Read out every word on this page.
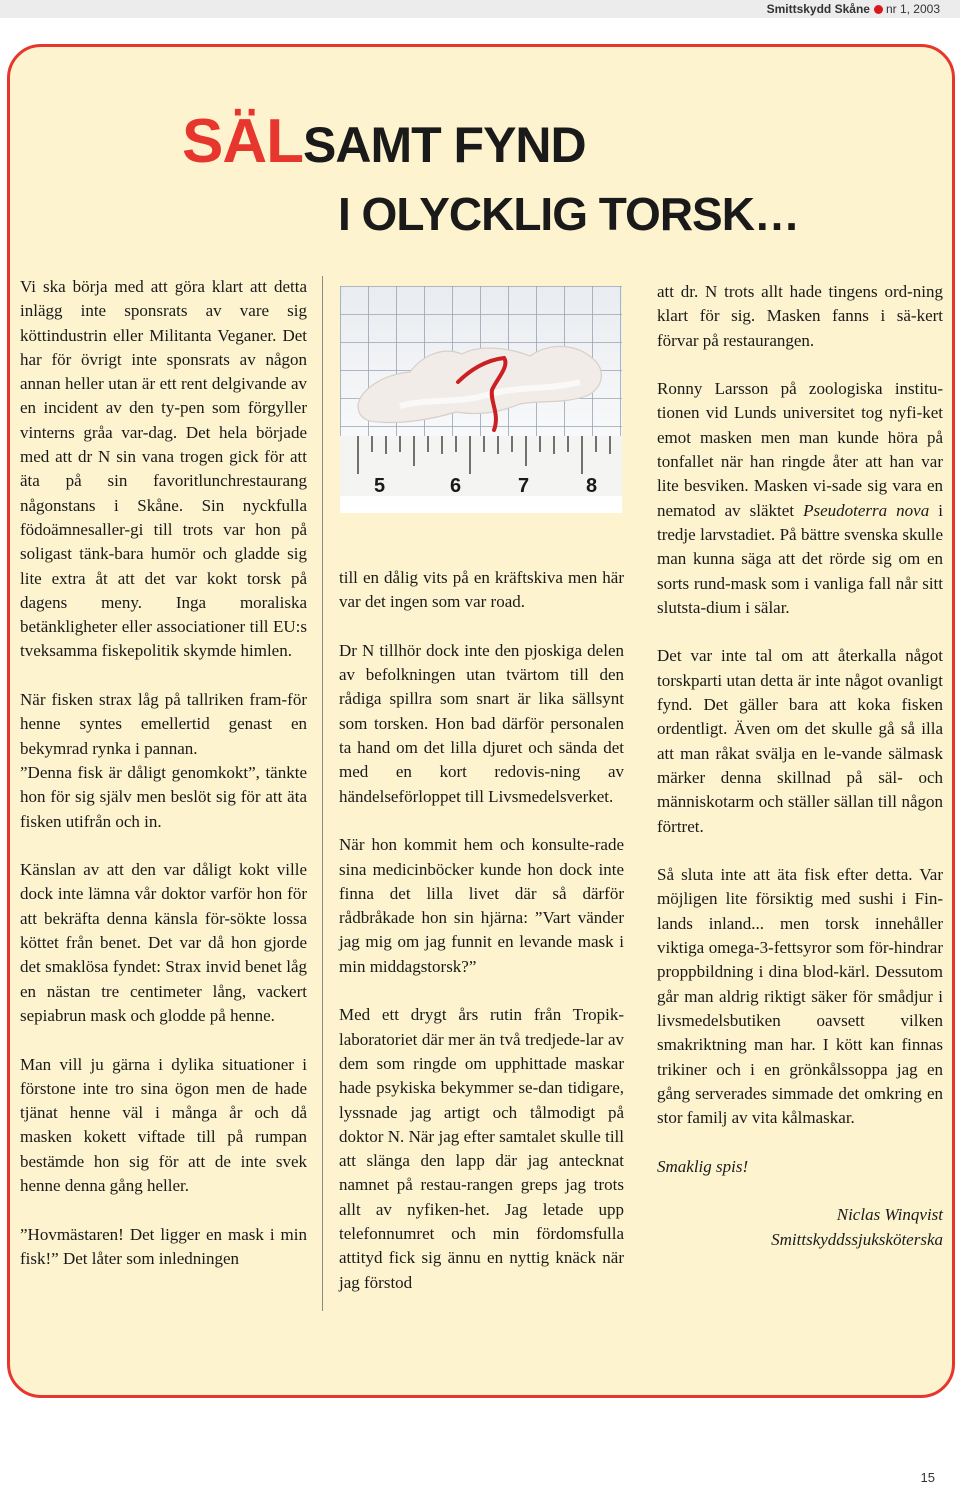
Smittskydd Skåne nr 1, 2003
SÄLSAMT FYND
I OLYCKLIG TORSK…

Vi ska börja med att göra klart att detta inlägg inte sponsrats av vare sig köttindustrin eller Militanta Veganer. Det har för övrigt inte sponsrats av någon annan heller utan är ett rent delgivande av en incident av den ty-pen som förgyller vinterns gråa var-dag. Det hela började med att dr N sin vana trogen gick för att äta på sin favoritlunchrestaurang någonstans i Skåne. Sin nyckfulla födoämnesaller-gi till trots var hon på soligast tänk-bara humör och gladde sig lite extra åt att det var kokt torsk på dagens meny. Inga moraliska betänkligheter eller associationer till EU:s tveksamma fiskepolitik skymde himlen.

När fisken strax låg på tallriken fram-för henne syntes emellertid genast en bekymrad rynka i pannan.

”Denna fisk är dåligt genomkokt”, tänkte hon för sig själv men beslöt sig för att äta fisken utifrån och in.

Känslan av att den var dåligt kokt ville dock inte lämna vår doktor varför hon för att bekräfta denna känsla för-sökte lossa köttet från benet. Det var då hon gjorde det smaklösa fyndet: Strax invid benet låg en nästan tre centimeter lång, vackert sepiabrun mask och glodde på henne.

Man vill ju gärna i dylika situationer i förstone inte tro sina ögon men de hade tjänat henne väl i många år och då masken kokett viftade till på rumpan bestämde hon sig för att de inte svek henne denna gång heller.

”Hovmästaren! Det ligger en mask i min fisk!” Det låter som inledningen

5	6	7	8

till en dålig vits på en kräftskiva men här var det ingen som var road.

Dr N tillhör dock inte den pjoskiga delen av befolkningen utan tvärtom till den rådiga spillra som snart är lika sällsynt som torsken. Hon bad därför personalen ta hand om det lilla djuret och sända det med en kort redovis-ning av händelseförloppet till Livsmedelsverket.

När hon kommit hem och konsulte-rade sina medicinböcker kunde hon dock inte finna det lilla livet där så därför rådbråkade hon sin hjärna: ”Vart vänder jag mig om jag funnit en levande mask i min middagstorsk?”

Med ett drygt års rutin från Tropik-laboratoriet där mer än två tredjede-lar av dem som ringde om upphittade maskar hade psykiska bekymmer se-dan tidigare, lyssnade jag artigt och tålmodigt på doktor N. När jag efter samtalet skulle till att slänga den lapp där jag antecknat namnet på restau-rangen greps jag trots allt av nyfiken-het. Jag letade upp telefonnumret och min fördomsfulla attityd fick sig ännu en nyttig knäck när jag förstod

att dr. N trots allt hade tingens ord-ning klart för sig. Masken fanns i sä-kert förvar på restaurangen.

Ronny Larsson på zoologiska institu-tionen vid Lunds universitet tog nyfi-ket emot masken men man kunde höra på tonfallet när han ringde åter att han var lite besviken. Masken vi-sade sig vara en nematod av släktet Pseudoterra nova i tredje larvstadiet. På bättre svenska skulle man kunna säga att det rörde sig om en sorts rund-mask som i vanliga fall når sitt slutsta-dium i sälar.

Det var inte tal om att återkalla något torskparti utan detta är inte något ovanligt fynd. Det gäller bara att koka fisken ordentligt. Även om det skulle gå så illa att man råkat svälja en le-vande sälmask märker denna skillnad på säl- och människotarm och ställer sällan till någon förtret.

Så sluta inte att äta fisk efter detta. Var möjligen lite försiktig med sushi i Fin-lands inland... men torsk innehåller viktiga omega-3-fettsyror som för-hindrar proppbildning i dina blod-kärl. Dessutom går man aldrig riktigt säker för smådjur i livsmedelsbutiken oavsett vilken smakriktning man har. I kött kan finnas trikiner och i en grönkålssoppa jag en gång serverades simmade det omkring en stor familj av vita kålmaskar.

Smaklig spis!

Niclas Winqvist

Smittskyddssjuksköterska

15
